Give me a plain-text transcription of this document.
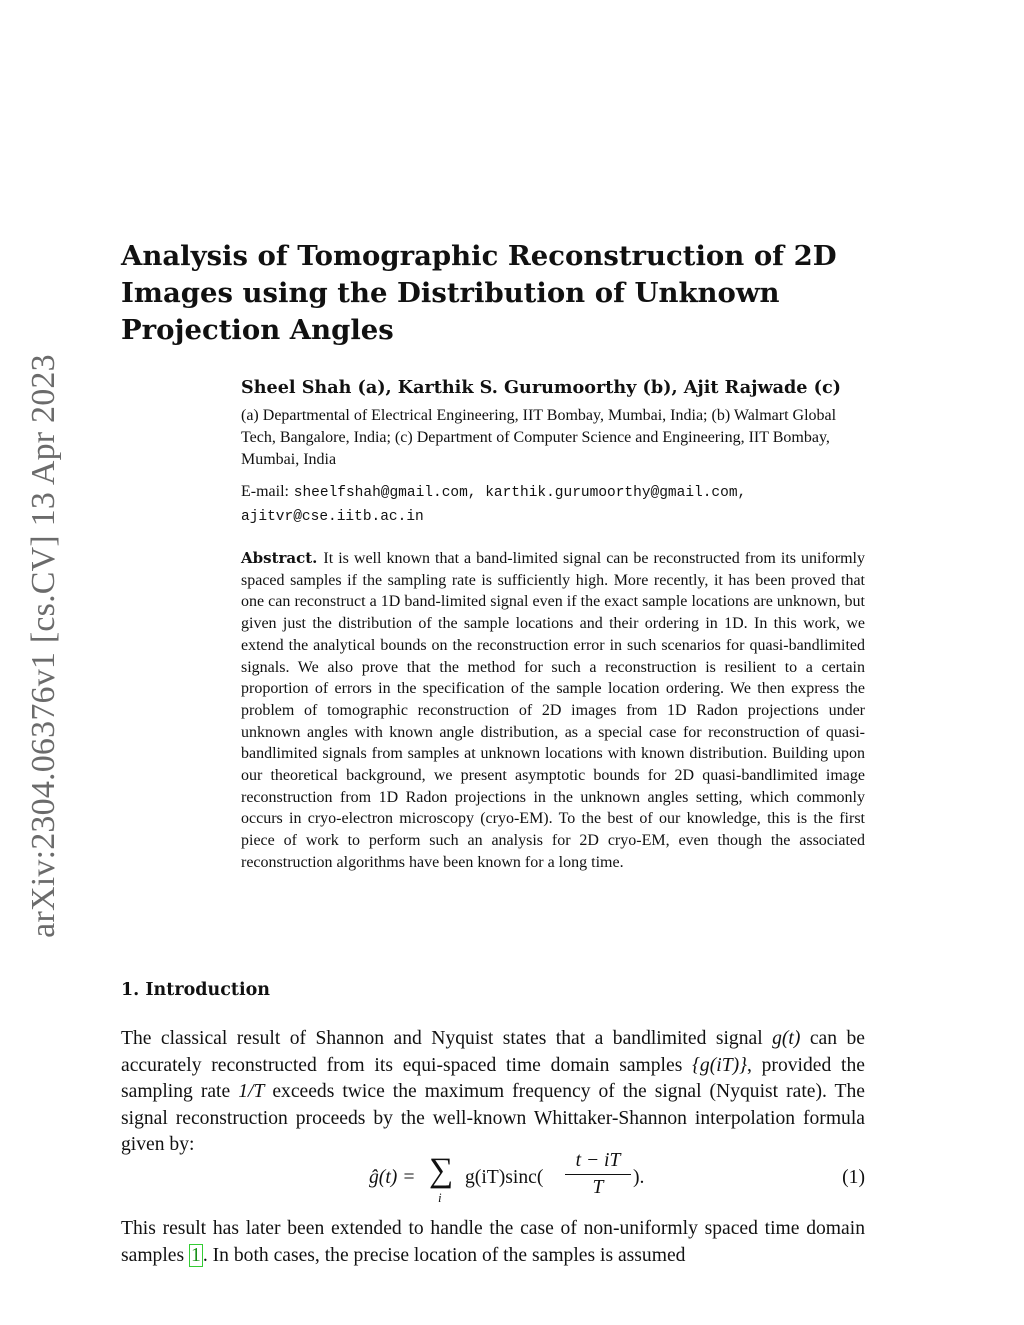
arXiv:2304.06376v1 [cs.CV] 13 Apr 2023
Analysis of Tomographic Reconstruction of 2D Images using the Distribution of Unknown Projection Angles
Sheel Shah (a), Karthik S. Gurumoorthy (b), Ajit Rajwade (c)
(a) Departmental of Electrical Engineering, IIT Bombay, Mumbai, India; (b) Walmart Global Tech, Bangalore, India; (c) Department of Computer Science and Engineering, IIT Bombay, Mumbai, India
E-mail: sheelfshah@gmail.com, karthik.gurumoorthy@gmail.com, ajitvr@cse.iitb.ac.in

Abstract. It is well known that a band-limited signal can be reconstructed from its uniformly spaced samples if the sampling rate is sufficiently high. More recently, it has been proved that one can reconstruct a 1D band-limited signal even if the exact sample locations are unknown, but given just the distribution of the sample locations and their ordering in 1D. In this work, we extend the analytical bounds on the reconstruction error in such scenarios for quasi-bandlimited signals. We also prove that the method for such a reconstruction is resilient to a certain proportion of errors in the specification of the sample location ordering. We then express the problem of tomographic reconstruction of 2D images from 1D Radon projections under unknown angles with known angle distribution, as a special case for reconstruction of quasi-bandlimited signals from samples at unknown locations with known distribution. Building upon our theoretical background, we present asymptotic bounds for 2D quasi-bandlimited image reconstruction from 1D Radon projections in the unknown angles setting, which commonly occurs in cryo-electron microscopy (cryo-EM). To the best of our knowledge, this is the first piece of work to perform such an analysis for 2D cryo-EM, even though the associated reconstruction algorithms have been known for a long time.

1. Introduction

The classical result of Shannon and Nyquist states that a bandlimited signal g(t) can be accurately reconstructed from its equi-spaced time domain samples {g(iT)}, provided the sampling rate 1/T exceeds twice the maximum frequency of the signal (Nyquist rate). The signal reconstruction proceeds by the well-known Whittaker-Shannon interpolation formula given by:

ĝ(t) = ∑
i
g(iT)sinc(
t − iT
T	).	(1)

This result has later been extended to handle the case of non-uniformly spaced time domain samples 1 . In both cases, the precise location of the samples is assumed
